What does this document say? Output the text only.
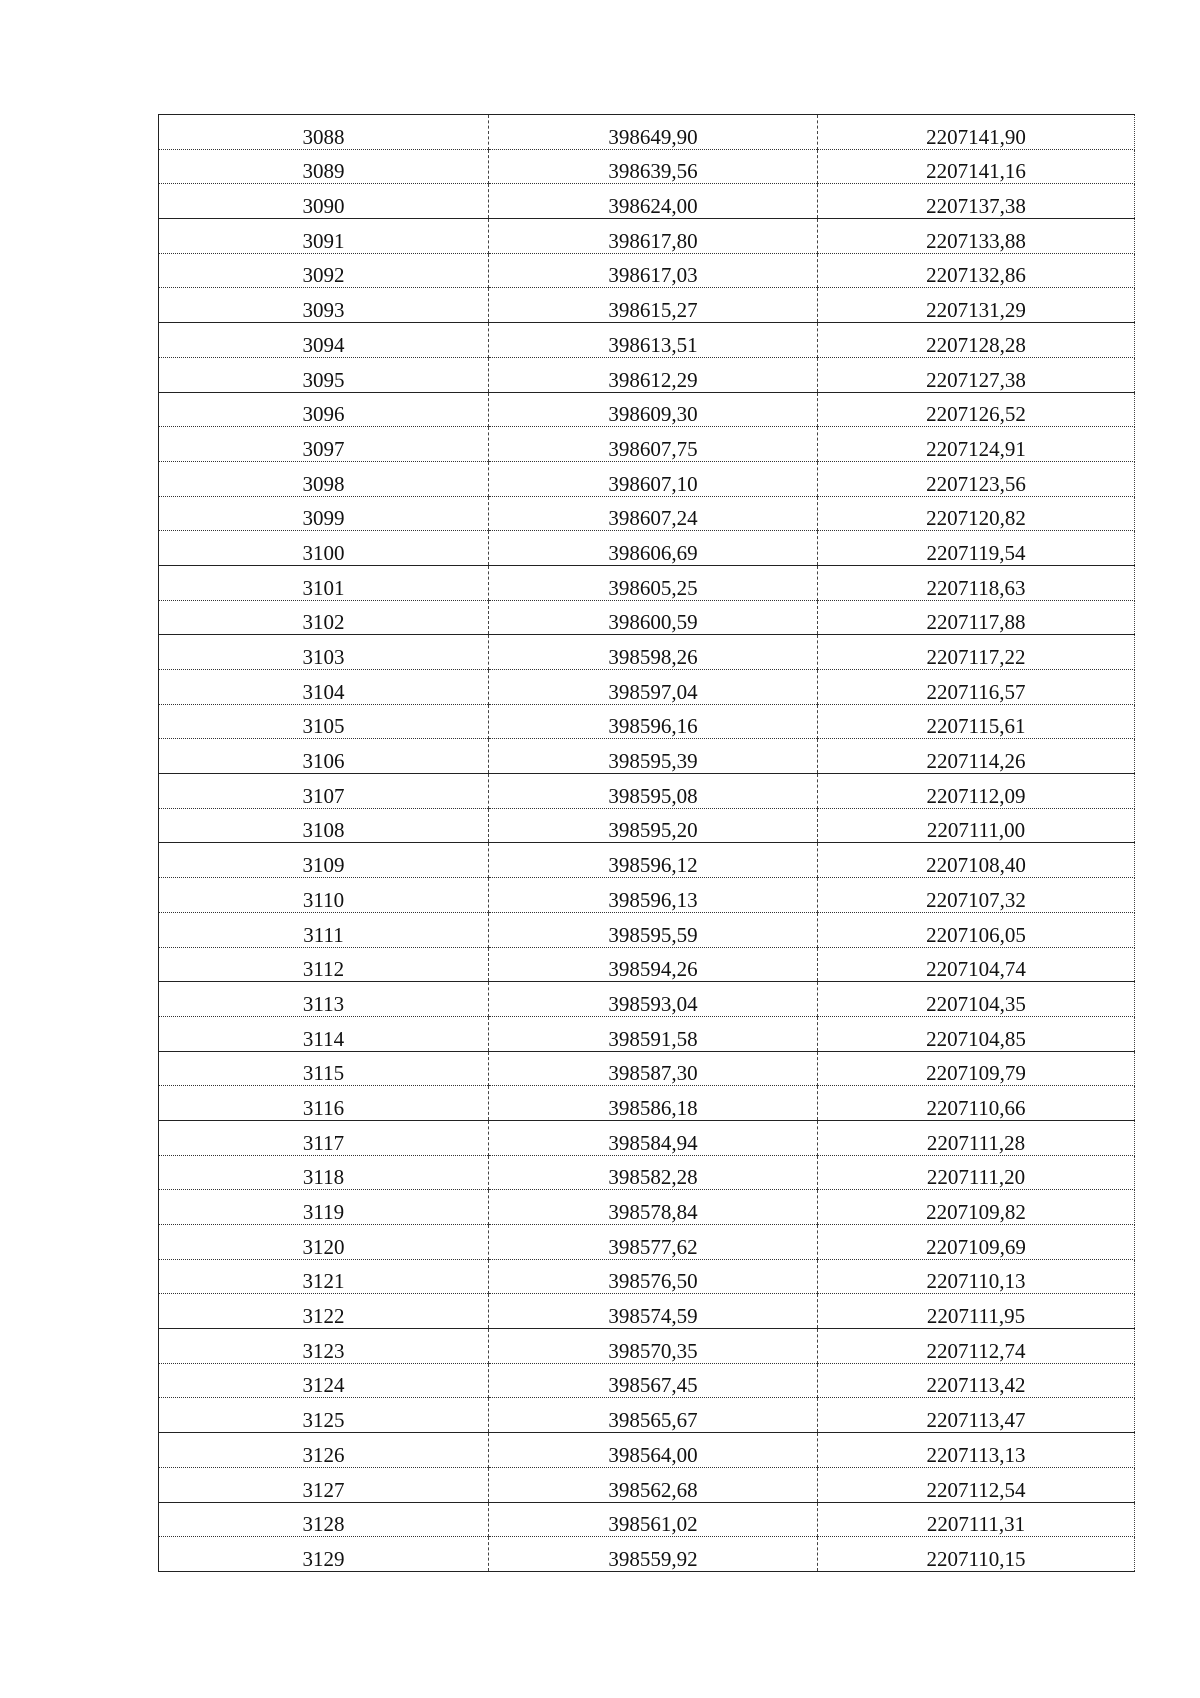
3088	398649,90	2207141,90
3089	398639,56	2207141,16
3090	398624,00	2207137,38
3091	398617,80	2207133,88
3092	398617,03	2207132,86
3093	398615,27	2207131,29
3094	398613,51	2207128,28
3095	398612,29	2207127,38
3096	398609,30	2207126,52
3097	398607,75	2207124,91
3098	398607,10	2207123,56
3099	398607,24	2207120,82
3100	398606,69	2207119,54
3101	398605,25	2207118,63
3102	398600,59	2207117,88
3103	398598,26	2207117,22
3104	398597,04	2207116,57
3105	398596,16	2207115,61
3106	398595,39	2207114,26
3107	398595,08	2207112,09
3108	398595,20	2207111,00
3109	398596,12	2207108,40
3110	398596,13	2207107,32
3111	398595,59	2207106,05
3112	398594,26	2207104,74
3113	398593,04	2207104,35
3114	398591,58	2207104,85
3115	398587,30	2207109,79
3116	398586,18	2207110,66
3117	398584,94	2207111,28
3118	398582,28	2207111,20
3119	398578,84	2207109,82
3120	398577,62	2207109,69
3121	398576,50	2207110,13
3122	398574,59	2207111,95
3123	398570,35	2207112,74
3124	398567,45	2207113,42
3125	398565,67	2207113,47
3126	398564,00	2207113,13
3127	398562,68	2207112,54
3128	398561,02	2207111,31
3129	398559,92	2207110,15
